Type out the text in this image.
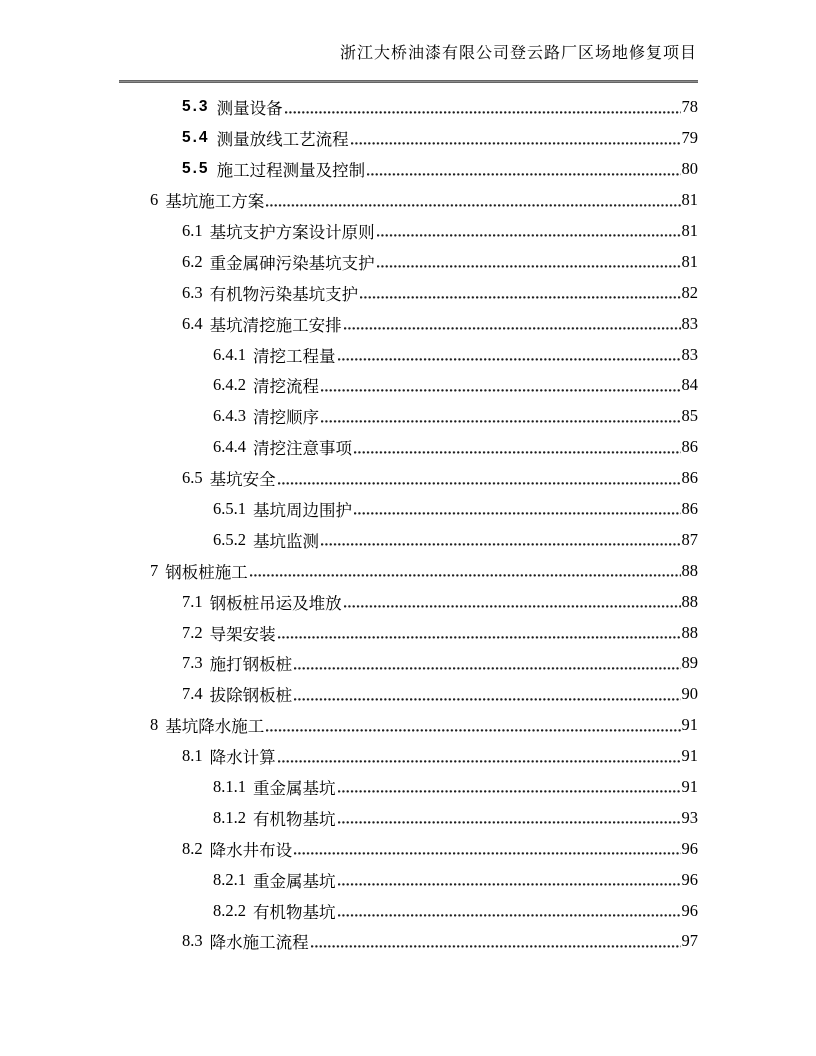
浙江大桥油漆有限公司登云路厂区场地修复项目
5.3 测量设备	78
5.4 测量放线工艺流程	79
5.5 施工过程测量及控制	80
6 基坑施工方案	81
6.1 基坑支护方案设计原则	81
6.2 重金属砷污染基坑支护	81
6.3 有机物污染基坑支护	82
6.4 基坑清挖施工安排	83
6.4.1 清挖工程量	83
6.4.2 清挖流程	84
6.4.3 清挖顺序	85
6.4.4 清挖注意事项	86
6.5 基坑安全	86
6.5.1 基坑周边围护	86
6.5.2 基坑监测	87
7 钢板桩施工	88
7.1 钢板桩吊运及堆放	88
7.2 导架安装	88
7.3 施打钢板桩	89
7.4 拔除钢板桩	90
8 基坑降水施工	91
8.1 降水计算	91
8.1.1 重金属基坑	91
8.1.2 有机物基坑	93
8.2 降水井布设	96
8.2.1 重金属基坑	96
8.2.2 有机物基坑	96
8.3 降水施工流程	97
